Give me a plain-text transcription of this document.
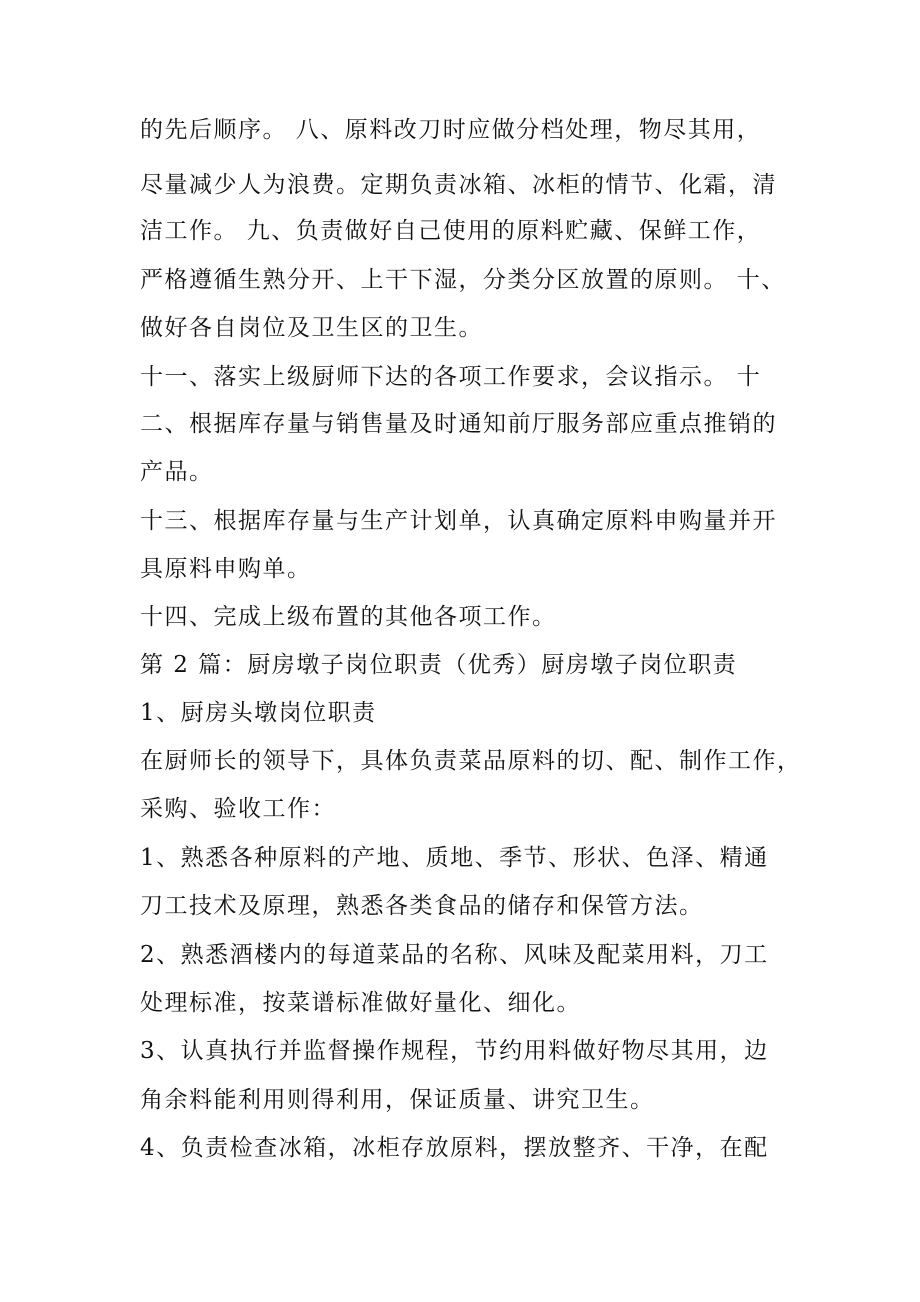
的先后顺序。 八、原料改刀时应做分档处理，物尽其用，
尽量减少人为浪费。定期负责冰箱、冰柜的情节、化霜，清
洁工作。 九、负责做好自己使用的原料贮藏、保鲜工作，
严格遵循生熟分开、上干下湿，分类分区放置的原则。 十、
做好各自岗位及卫生区的卫生。
十一、落实上级厨师下达的各项工作要求，会议指示。 十
二、根据库存量与销售量及时通知前厅服务部应重点推销的
产品。
十三、根据库存量与生产计划单，认真确定原料申购量并开
具原料申购单。
十四、完成上级布置的其他各项工作。
第 2 篇：厨房墩子岗位职责（优秀）厨房墩子岗位职责
1、厨房头墩岗位职责
在厨师长的领导下，具体负责菜品原料的切、配、制作工作，
采购、验收工作：
1、熟悉各种原料的产地、质地、季节、形状、色泽、精通
刀工技术及原理，熟悉各类食品的储存和保管方法。
2、熟悉酒楼内的每道菜品的名称、风味及配菜用料，刀工
处理标准，按菜谱标准做好量化、细化。
3、认真执行并监督操作规程，节约用料做好物尽其用，边
角余料能利用则得利用，保证质量、讲究卫生。
4、负责检查冰箱，冰柜存放原料，摆放整齐、干净，在配
